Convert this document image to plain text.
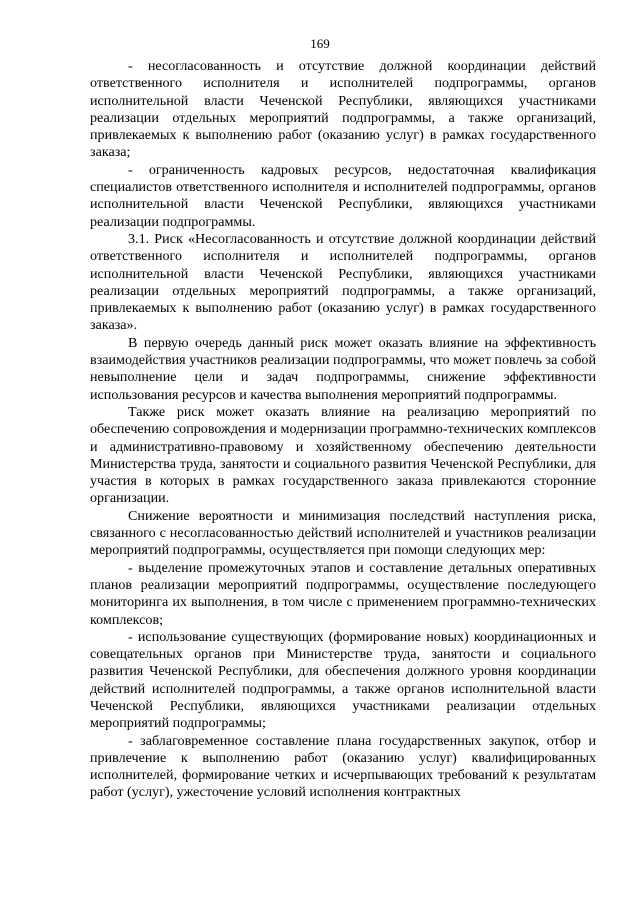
169

- несогласованность и отсутствие должной координации действий ответственного исполнителя и исполнителей подпрограммы, органов исполнительной власти Чеченской Республики, являющихся участниками реализации отдельных мероприятий подпрограммы, а также организаций, привлекаемых к выполнению работ (оказанию услуг) в рамках государственного заказа;

- ограниченность кадровых ресурсов, недостаточная квалификация специалистов ответственного исполнителя и исполнителей подпрограммы, органов исполнительной власти Чеченской Республики, являющихся участниками реализации подпрограммы.

3.1. Риск «Несогласованность и отсутствие должной координации действий ответственного исполнителя и исполнителей подпрограммы, органов исполнительной власти Чеченской Республики, являющихся участниками реализации отдельных мероприятий подпрограммы, а также организаций, привлекаемых к выполнению работ (оказанию услуг) в рамках государственного заказа».

В первую очередь данный риск может оказать влияние на эффективность взаимодействия участников реализации подпрограммы, что может повлечь за собой невыполнение цели и задач подпрограммы, снижение эффективности использования ресурсов и качества выполнения мероприятий подпрограммы.

Также риск может оказать влияние на реализацию мероприятий по обеспечению сопровождения и модернизации программно-технических комплексов и административно-правовому и хозяйственному обеспечению деятельности Министерства труда, занятости и социального развития Чеченской Республики, для участия в которых в рамках государственного заказа привлекаются сторонние организации.

Снижение вероятности и минимизация последствий наступления риска, связанного с несогласованностью действий исполнителей и участников реализации мероприятий подпрограммы, осуществляется при помощи следующих мер:

- выделение промежуточных этапов и составление детальных оперативных планов реализации мероприятий подпрограммы, осуществление последующего мониторинга их выполнения, в том числе с применением программно-технических комплексов;

- использование существующих (формирование новых) координационных и совещательных органов при Министерстве труда, занятости и социального развития Чеченской Республики, для обеспечения должного уровня координации действий исполнителей подпрограммы, а также органов исполнительной власти Чеченской Республики, являющихся участниками реализации отдельных мероприятий подпрограммы;

- заблаговременное составление плана государственных закупок, отбор и привлечение к выполнению работ (оказанию услуг) квалифицированных исполнителей, формирование четких и исчерпывающих требований к результатам работ (услуг), ужесточение условий исполнения контрактных
